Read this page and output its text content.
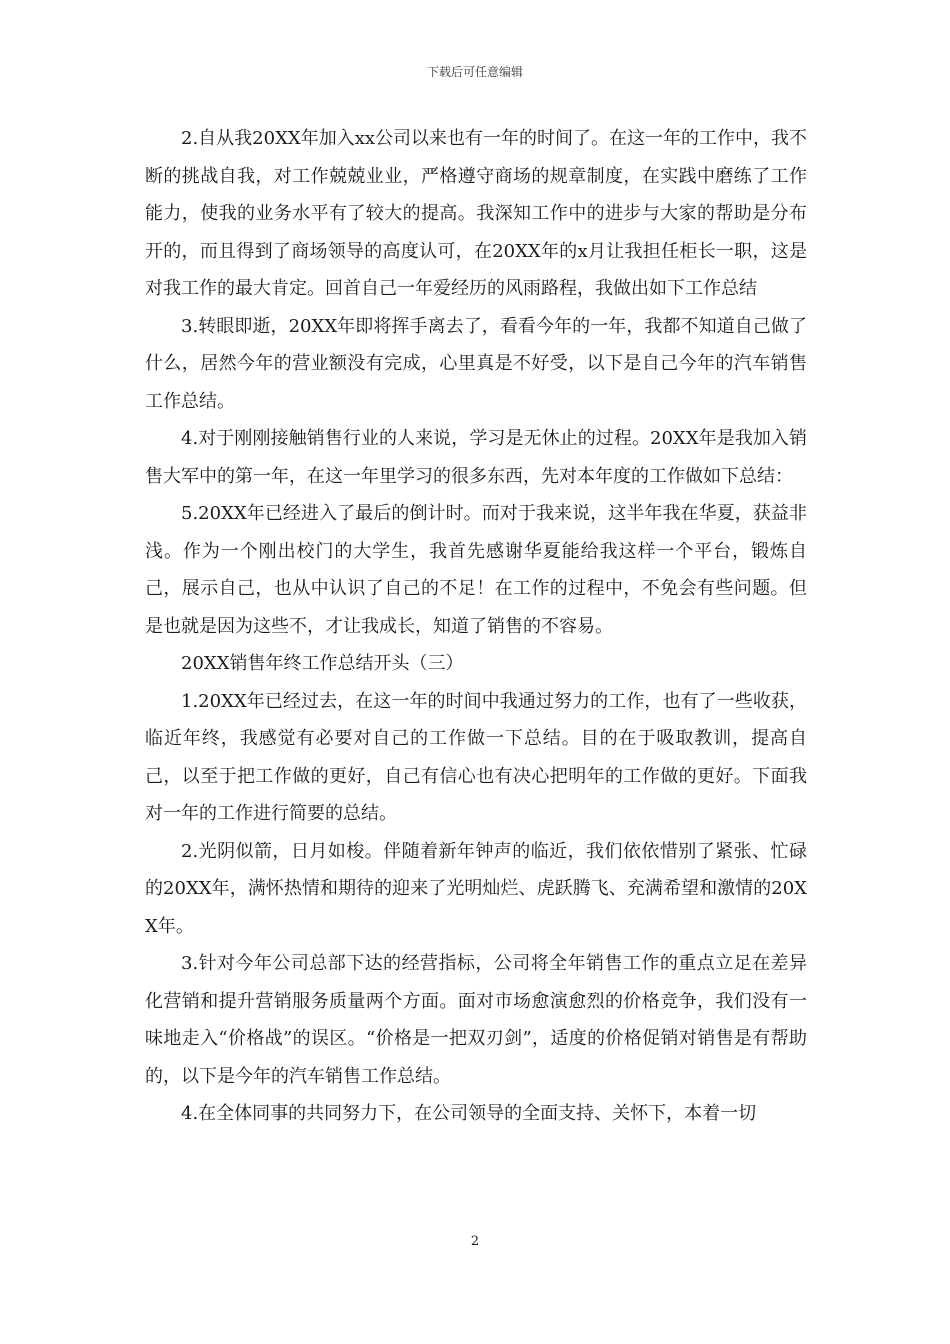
下载后可任意编辑

2.自从我20XX年加入xx公司以来也有一年的时间了。在这一年的工作中，我不断的挑战自我，对工作兢兢业业，严格遵守商场的规章制度，在实践中磨练了工作能力，使我的业务水平有了较大的提高。我深知工作中的进步与大家的帮助是分布开的，而且得到了商场领导的高度认可，在20XX年的x月让我担任柜长一职，这是对我工作的最大肯定。回首自己一年爱经历的风雨路程，我做出如下工作总结

3.转眼即逝，20XX年即将挥手离去了，看看今年的一年，我都不知道自己做了什么，居然今年的营业额没有完成，心里真是不好受，以下是自己今年的汽车销售工作总结。

4.对于刚刚接触销售行业的人来说，学习是无休止的过程。20XX年是我加入销售大军中的第一年，在这一年里学习的很多东西，先对本年度的工作做如下总结：

5.20XX年已经进入了最后的倒计时。而对于我来说，这半年我在华夏，获益非浅。作为一个刚出校门的大学生，我首先感谢华夏能给我这样一个平台，锻炼自己，展示自己，也从中认识了自己的不足！在工作的过程中，不免会有些问题。但是也就是因为这些不，才让我成长，知道了销售的不容易。

20XX销售年终工作总结开头（三）

1.20XX年已经过去，在这一年的时间中我通过努力的工作，也有了一些收获，临近年终，我感觉有必要对自己的工作做一下总结。目的在于吸取教训，提高自己，以至于把工作做的更好，自己有信心也有决心把明年的工作做的更好。下面我对一年的工作进行简要的总结。

2.光阴似箭，日月如梭。伴随着新年钟声的临近，我们依依惜别了紧张、忙碌的20XX年，满怀热情和期待的迎来了光明灿烂、虎跃腾飞、充满希望和激情的20XX年。

3.针对今年公司总部下达的经营指标，公司将全年销售工作的重点立足在差异化营销和提升营销服务质量两个方面。面对市场愈演愈烈的价格竞争，我们没有一味地走入“价格战”的误区。“价格是一把双刃剑”，适度的价格促销对销售是有帮助的，以下是今年的汽车销售工作总结。

4.在全体同事的共同努力下，在公司领导的全面支持、关怀下，本着一切

2
